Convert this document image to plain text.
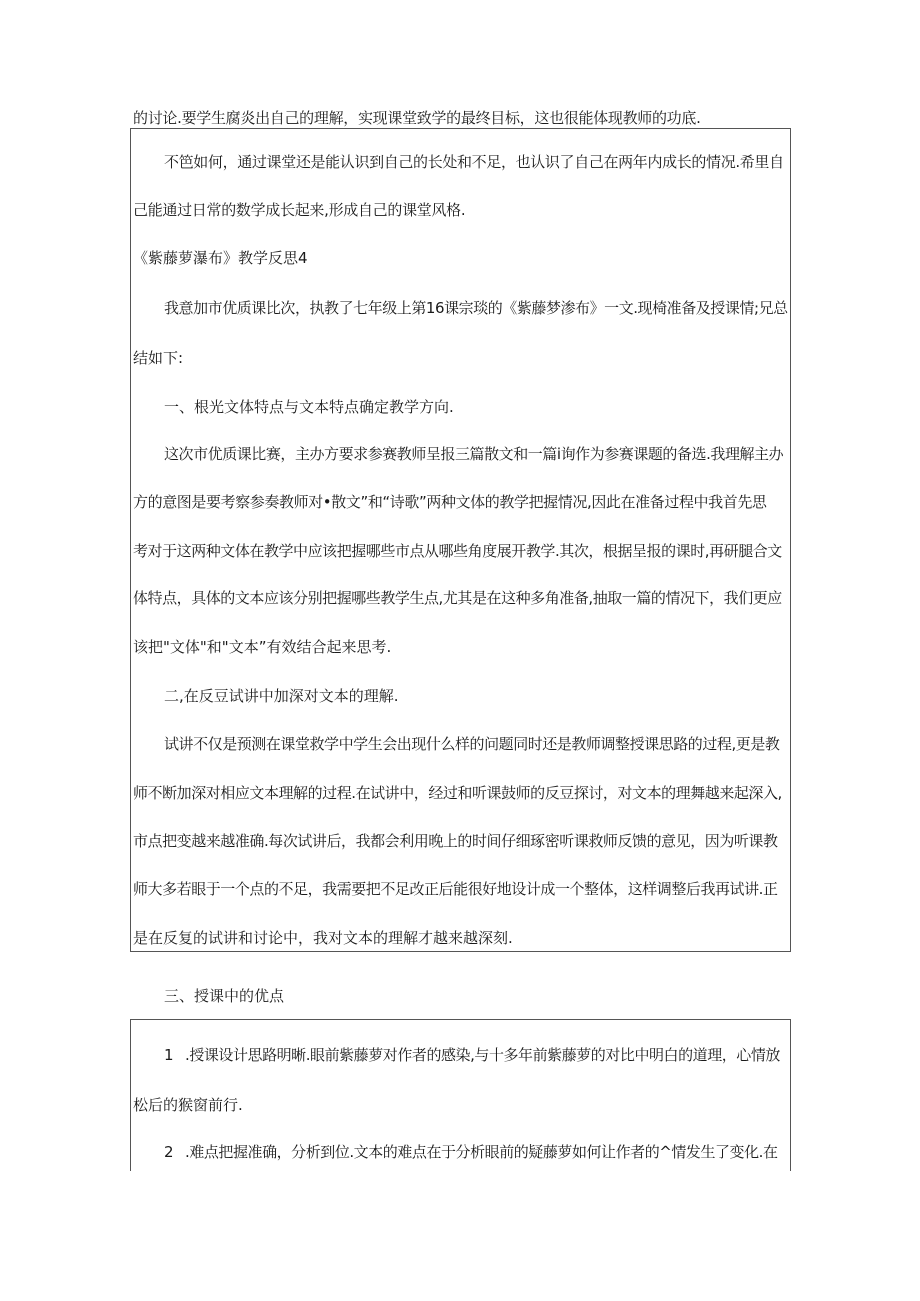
的讨论.要学生腐炎出自己的理解，实现课堂致学的最终目标，这也很能体现教师的功底.
不笆如何，通过课堂还是能认识到自己的长处和不足，也认识了自己在两年内成长的情况.希里自
己能通过日常的数学成长起来,形成自己的课堂风格.
《紫藤萝瀑布》教学反思4
我意加市优质课比次，执教了七年级上第16课宗琰的《紫藤梦渗布》一文.现椅准备及授课情;兄总
结如下:
一、根光文体特点与文本特点确定教学方向.
这次市优质课比赛，主办方要求参赛教师呈报三篇散文和一篇i询作为参赛课题的备选.我理解主办
方的意图是要考察参奏教师对•散文”和“诗歌”两种文体的教学把握情况,因此在准备过程中我首先思
考对于这两种文体在教学中应该把握哪些市点从哪些角度展开教学.其次，根据呈报的课时,再研腿合文
体特点，具体的文本应该分别把握哪些教学生点,尤其是在这种多角准备,抽取一篇的情况下，我们更应
该把"文体"和"文本”有效结合起来思考.
二,在反豆试讲中加深对文本的理解.
试讲不仅是预测在课堂救学中学生会出现什么样的问题同时还是教师调整授课思路的过程,更是教
师不断加深对相应文本理解的过程.在试讲中，经过和听课鼓师的反豆探讨，对文本的理舞越来起深入,
市点把变越来越准确.每次试讲后，我都会利用晚上的时间仔细琢密听课救师反馈的意见，因为听课教
师大多若眼于一个点的不足，我需要把不足改正后能很好地设计成一个整体，这样调整后我再试讲.正
是在反复的试讲和讨论中，我对文本的理解才越来越深刻.
三、授课中的优点
1 .授课设计思路明晰.眼前紫藤萝对作者的感染,与十多年前紫藤萝的对比中明白的道理，心情放
松后的猴窗前行.
2 .难点把握准确，分析到位.文本的难点在于分析眼前的疑藤萝如何让作者的^情发生了变化.在
